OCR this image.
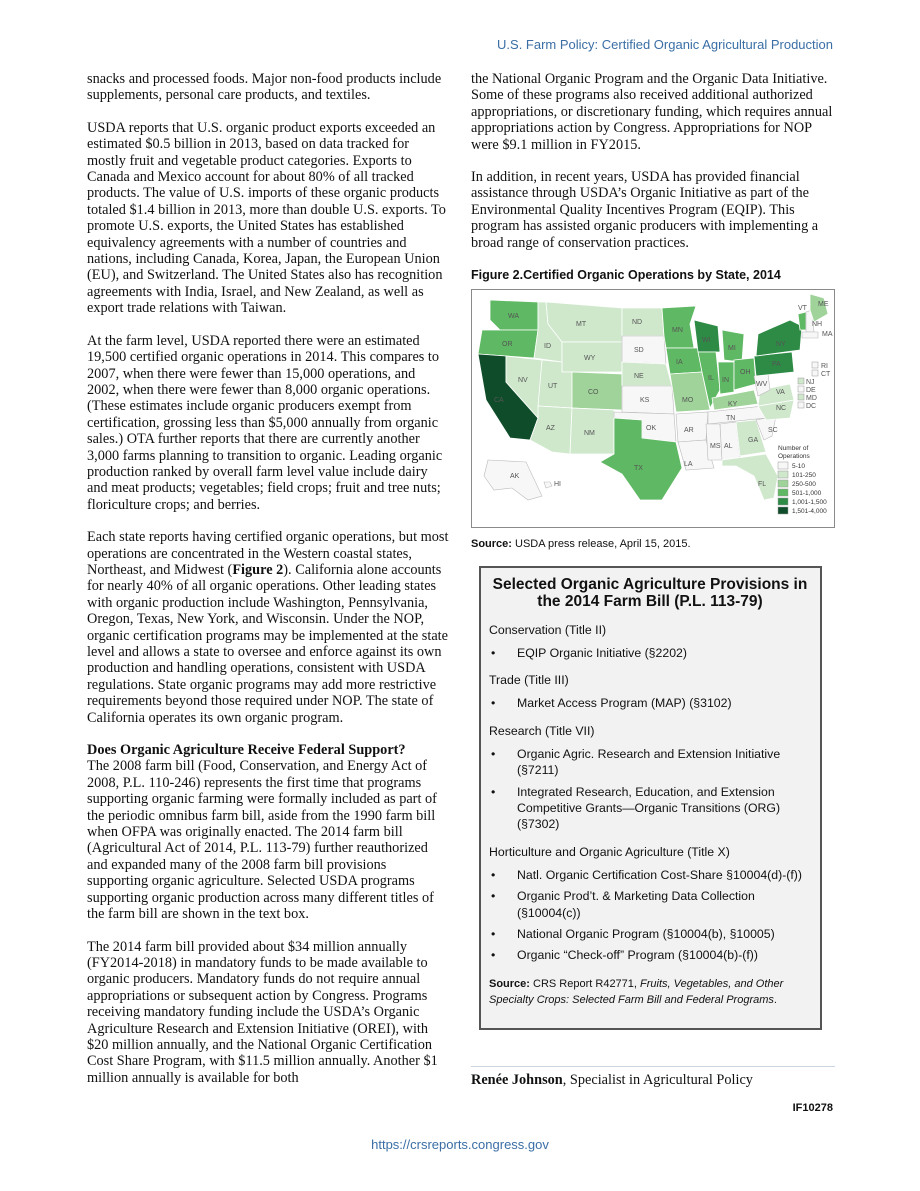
U.S. Farm Policy: Certified Organic Agricultural Production

snacks and processed foods. Major non-food products include supplements, personal care products, and textiles.

USDA reports that U.S. organic product exports exceeded an estimated $0.5 billion in 2013, based on data tracked for mostly fruit and vegetable product categories. Exports to Canada and Mexico account for about 80% of all tracked products. The value of U.S. imports of these organic products totaled $1.4 billion in 2013, more than double U.S. exports. To promote U.S. exports, the United States has established equivalency agreements with a number of countries and nations, including Canada, Korea, Japan, the European Union (EU), and Switzerland. The United States also has recognition agreements with India, Israel, and New Zealand, as well as export trade relations with Taiwan.

At the farm level, USDA reported there were an estimated 19,500 certified organic operations in 2014. This compares to 2007, when there were fewer than 15,000 operations, and 2002, when there were fewer than 8,000 organic operations. (These estimates include organic producers exempt from certification, grossing less than $5,000 annually from organic sales.) OTA further reports that there are currently another 3,000 farms planning to transition to organic. Leading organic production ranked by overall farm level value include dairy and meat products; vegetables; field crops; fruit and tree nuts; floriculture crops; and berries.

Each state reports having certified organic operations, but most operations are concentrated in the Western coastal states, Northeast, and Midwest (Figure 2). California alone accounts for nearly 40% of all organic operations. Other leading states with organic production include Washington, Pennsylvania, Oregon, Texas, New York, and Wisconsin. Under the NOP, organic certification programs may be implemented at the state level and allows a state to oversee and enforce against its own production and handling operations, consistent with USDA regulations. State organic programs may add more restrictive requirements beyond those required under NOP. The state of California operates its own organic program.

Does Organic Agriculture Receive Federal Support?
The 2008 farm bill (Food, Conservation, and Energy Act of 2008, P.L. 110-246) represents the first time that programs supporting organic farming were formally included as part of the periodic omnibus farm bill, aside from the 1990 farm bill when OFPA was originally enacted. The 2014 farm bill (Agricultural Act of 2014, P.L. 113-79) further reauthorized and expanded many of the 2008 farm bill provisions supporting organic agriculture. Selected USDA programs supporting organic production across many different titles of the farm bill are shown in the text box.

The 2014 farm bill provided about $34 million annually (FY2014-2018) in mandatory funds to be made available to organic producers. Mandatory funds do not require annual appropriations or subsequent action by Congress. Programs receiving mandatory funding include the USDA’s Organic Agriculture Research and Extension Initiative (OREI), with $20 million annually, and the National Organic Certification Cost Share Program, with $11.5 million annually. Another $1 million annually is available for both

the National Organic Program and the Organic Data Initiative. Some of these programs also received additional authorized appropriations, or discretionary funding, which requires annual appropriations action by Congress. Appropriations for NOP were $9.1 million in FY2015.

In addition, in recent years, USDA has provided financial assistance through USDA’s Organic Initiative as part of the Environmental Quality Incentives Program (EQIP). This program has assisted organic producers with implementing a broad range of conservation practices.

Figure 2.Certified Organic Operations by State, 2014
WA
OR
CA
ID
NV
MT
WY
UT
AZ
CO
NM
ND
SD
NE
KS
OK
TX
MN
IA
MO
AR
LA
WI
IL
MI
IN
OH
KY
TN
MS AL
GA
FL
SC
NC
VA
WV
PA
NY
ME
VT
NH
MA
RI
CT
NJ
DE
MD
DC
AK
HI
Number of
Operations
5-10
101-250
250-500
501-1,000
1,001-1,500
1,501-4,000
Source: USDA press release, April 15, 2015.
Selected Organic Agriculture Provisions in the 2014 Farm Bill (P.L. 113-79)
Conservation (Title II)
• EQIP Organic Initiative (§2202)
Trade (Title III)
• Market Access Program (MAP) (§3102)
Research (Title VII)
• Organic Agric. Research and Extension Initiative (§7211)
• Integrated Research, Education, and Extension Competitive Grants—Organic Transitions (ORG) (§7302)
Horticulture and Organic Agriculture (Title X)
• Natl. Organic Certification Cost-Share §10004(d)-(f))
• Organic Prod’t. & Marketing Data Collection (§10004(c))
• National Organic Program (§10004(b), §10005)
• Organic “Check-off” Program (§10004(b)-(f))
Source: CRS Report R42771, Fruits, Vegetables, and Other Specialty Crops: Selected Farm Bill and Federal Programs.
Renée Johnson, Specialist in Agricultural Policy
IF10278
https://crsreports.congress.gov
